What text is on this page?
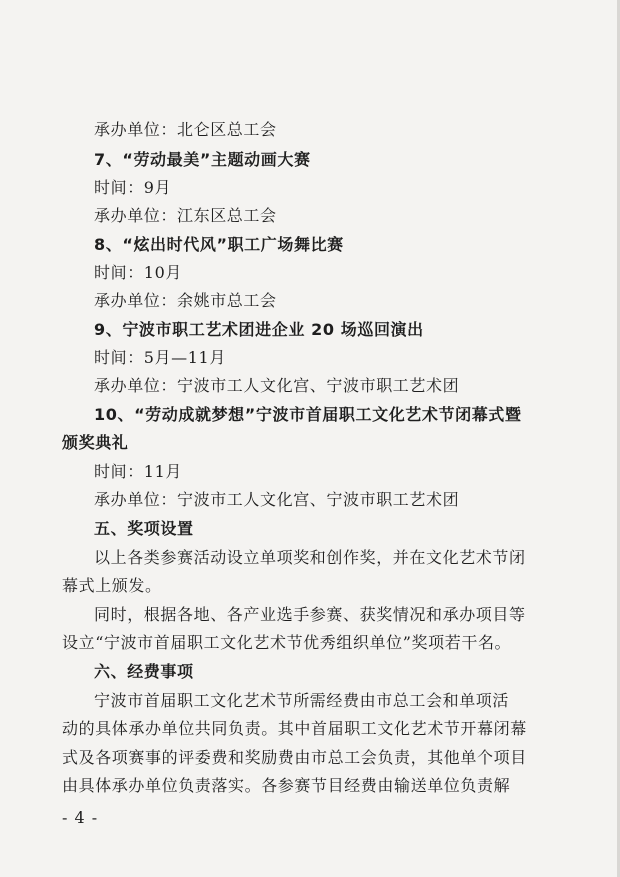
承办单位：北仑区总工会
7、“劳动最美”主题动画大赛
时间：9月
承办单位：江东区总工会
8、“炫出时代风”职工广场舞比赛
时间：10月
承办单位：余姚市总工会
9、宁波市职工艺术团进企业 20 场巡回演出
时间：5月—11月
承办单位：宁波市工人文化宫、宁波市职工艺术团
10、“劳动成就梦想”宁波市首届职工文化艺术节闭幕式暨
颁奖典礼
时间：11月
承办单位：宁波市工人文化宫、宁波市职工艺术团
五、奖项设置
以上各类参赛活动设立单项奖和创作奖，并在文化艺术节闭
幕式上颁发。
同时，根据各地、各产业选手参赛、获奖情况和承办项目等
设立“宁波市首届职工文化艺术节优秀组织单位”奖项若干名。
六、经费事项
宁波市首届职工文化艺术节所需经费由市总工会和单项活
动的具体承办单位共同负责。其中首届职工文化艺术节开幕闭幕
式及各项赛事的评委费和奖励费由市总工会负责，其他单个项目
由具体承办单位负责落实。各参赛节目经费由输送单位负责解
- 4 -
